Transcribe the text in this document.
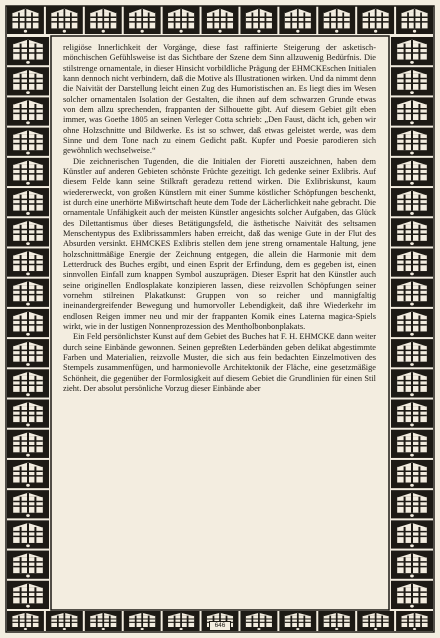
religiöse Innerlichkeit der Vorgänge, diese fast raffinierte Steigerung der asketisch-mönchischen Gefühlsweise ist das Sichtbare der Szene dem Sinn allzuwenig Bedürfnis. Die stilstrenge ornamentale, in dieser Hinsicht vorbildliche Prägung der EHMCKEschen Initialen kann dennoch nicht verbindern, daß die Motive als Illustrationen wirken. Und da nimmt denn die Naivität der Darstellung leicht einen Zug des Humoristischen an. Es liegt dies im Wesen solcher ornamentalen Isolation der Gestalten, die ihnen auf dem schwarzen Grunde etwas von dem allzu sprechenden, frappanten der Silhouette gibt. Auf diesem Gebiet gilt eben immer, was Goethe 1805 an seinen Verleger Cotta schrieb: „Den Faust, dächt ich, geben wir ohne Holzschnitte und Bildwerke. Es ist so schwer, daß etwas geleistet werde, was dem Sinne und dem Tone nach zu einem Gedicht paßt. Kupfer und Poesie parodieren sich gewöhnlich wechselweise.“

Die zeichnerischen Tugenden, die die Initialen der Fioretti auszeichnen, haben dem Künstler auf anderen Gebieten schönste Früchte gezeitigt. Ich gedenke seiner Exlibris. Auf diesem Felde kann seine Stilkraft geradezu rettend wirken. Die Exlibriskunst, kaum wiedererweckt, von großen Künstlern mit einer Summe köstlicher Schöpfungen beschenkt, ist durch eine unerhörte Mißwirtschaft heute dem Tode der Lächerlichkeit nahe gebracht. Die ornamentale Unfähigkeit auch der meisten Künstler angesichts solcher Aufgaben, das Glück des Dilettantismus über dieses Betätigungsfeld, die ästhetische Naivität des seltsamen Menschentypus des Exlibrissammlers haben erreicht, daß das wenige Gute in der Flut des Absurden versinkt. EHMCKES Exlibris stellen dem jene streng ornamentale Haltung, jene holzschnittmäßige Energie der Zeichnung entgegen, die allein die Harmonie mit dem Letterdruck des Buches ergibt, und einen Esprit der Erfindung, dem es gegeben ist, einen sinnvollen Einfall zum knappen Symbol auszuprägen. Dieser Esprit hat den Künstler auch seine originellen Endlosplakate konzipieren lassen, diese reizvollen Schöpfungen seiner vornehm stilreinen Plakatkunst: Gruppen von so reicher und mannigfaltig ineinandergreifender Bewegung und humorvoller Lebendigkeit, daß ihre Wiederkehr im endlosen Reigen immer neu und mir der frappanten Komik eines Laterna magica-Spiels wirkt, wie in der lustigen Nonnenprozession des Mentholbonbonplakats.

Ein Feld persönlichster Kunst auf dem Gebiet des Buches hat F. H. EHMCKE dann weiter durch seine Einbände gewonnen. Seinen gepreßten Lederbänden geben delikat abgestimmte Farben und Materialien, reizvolle Muster, die sich aus fein bedachten Einzelmotiven des Stempels zusammenfügen, und harmonievolle Architektonik der Fläche, eine gesetzmäßige Schönheit, die gegenüber der Formlosigkeit auf diesem Gebiet die Grundlinien für einen Stil zieht. Der absolut persönliche Vorzug dieser Einbände aber

646
